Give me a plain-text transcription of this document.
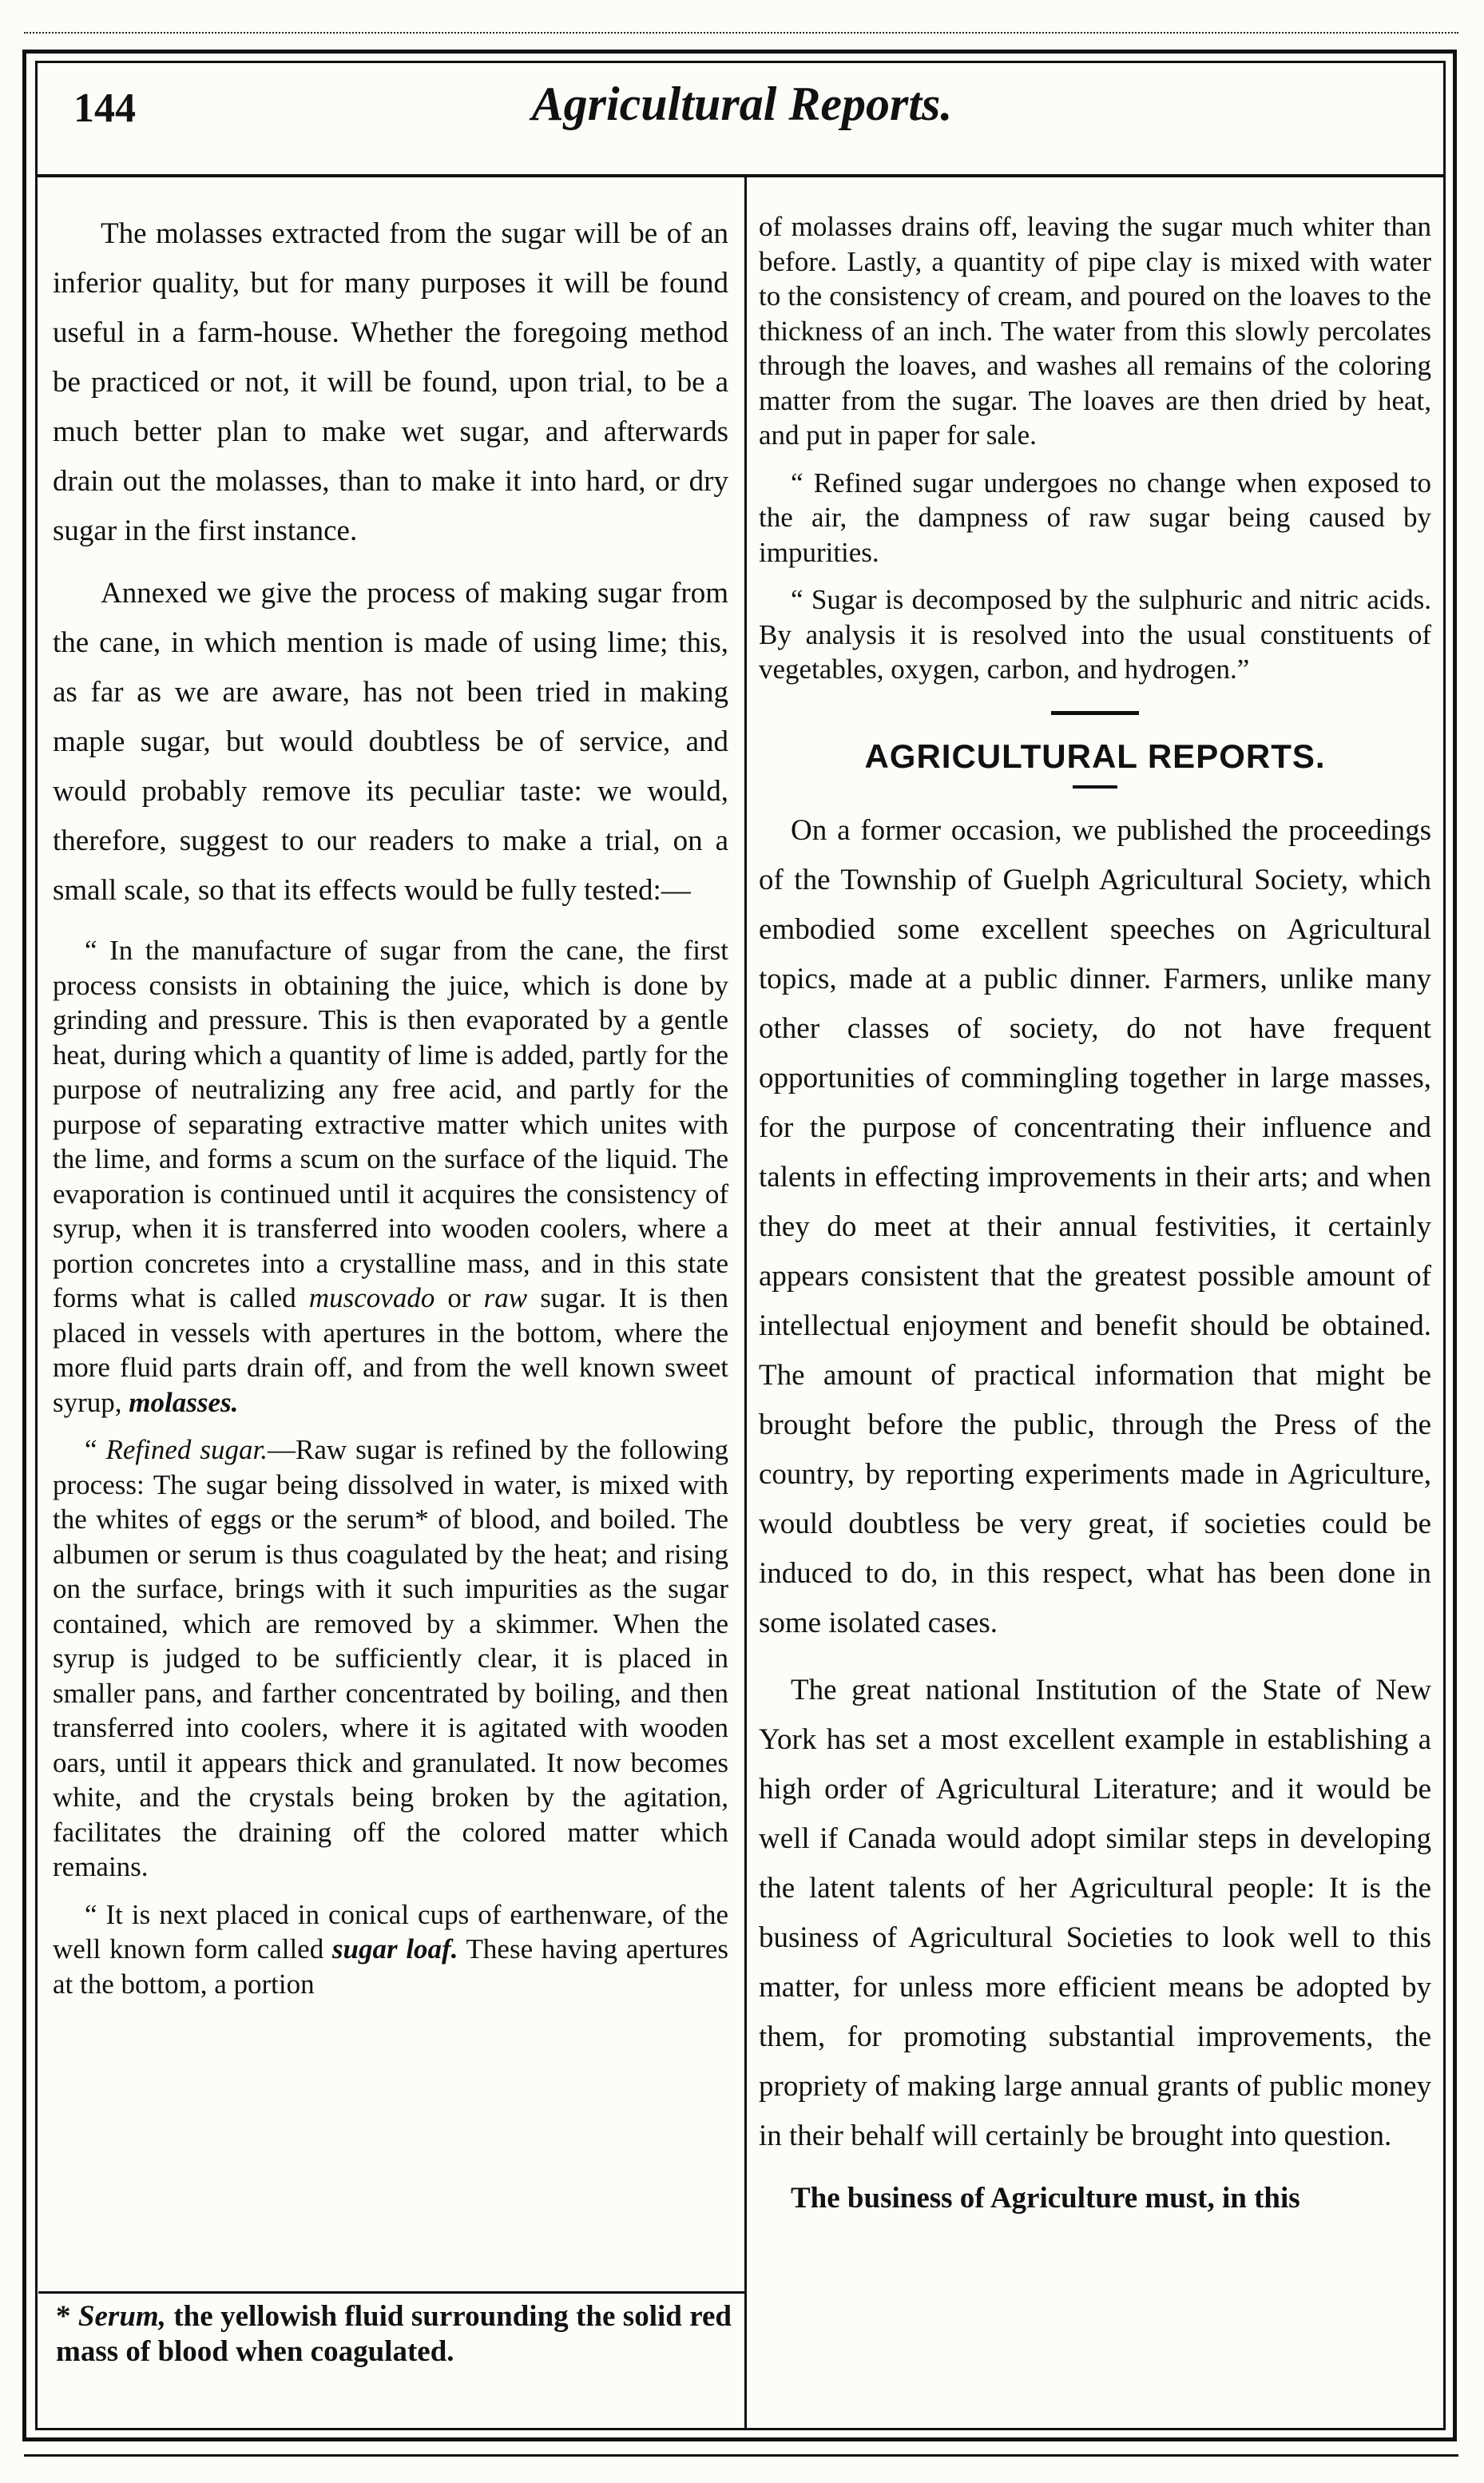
144	Agricultural Reports.

The molasses extracted from the sugar will be of an inferior quality, but for many purposes it will be found useful in a farm-house. Whether the foregoing method be practiced or not, it will be found, upon trial, to be a much better plan to make wet sugar, and afterwards drain out the molasses, than to make it into hard, or dry sugar in the first instance.

Annexed we give the process of making sugar from the cane, in which mention is made of using lime; this, as far as we are aware, has not been tried in making maple sugar, but would doubtless be of service, and would probably remove its peculiar taste: we would, therefore, suggest to our readers to make a trial, on a small scale, so that its effects would be fully tested:—

“ In the manufacture of sugar from the cane, the first process consists in obtaining the juice, which is done by grinding and pressure. This is then evaporated by a gentle heat, during which a quantity of lime is added, partly for the purpose of neutralizing any free acid, and partly for the purpose of separating extractive matter which unites with the lime, and forms a scum on the surface of the liquid. The evaporation is continued until it acquires the consistency of syrup, when it is transferred into wooden coolers, where a portion concretes into a crystalline mass, and in this state forms what is called muscovado or raw sugar. It is then placed in vessels with apertures in the bottom, where the more fluid parts drain off, and from the well known sweet syrup, molasses.

“ Refined sugar.—Raw sugar is refined by the following process: The sugar being dissolved in water, is mixed with the whites of eggs or the serum* of blood, and boiled. The albumen or serum is thus coagulated by the heat; and rising on the surface, brings with it such impurities as the sugar contained, which are removed by a skimmer. When the syrup is judged to be sufficiently clear, it is placed in smaller pans, and farther concentrated by boiling, and then transferred into coolers, where it is agitated with wooden oars, until it appears thick and granulated. It now becomes white, and the crystals being broken by the agitation, facilitates the draining off the colored matter which remains.

“ It is next placed in conical cups of earthenware, of the well known form called sugar loaf. These having apertures at the bottom, a portion

* Serum, the yellowish fluid surrounding the solid red mass of blood when coagulated.

of molasses drains off, leaving the sugar much whiter than before. Lastly, a quantity of pipe clay is mixed with water to the consistency of cream, and poured on the loaves to the thickness of an inch. The water from this slowly percolates through the loaves, and washes all remains of the coloring matter from the sugar. The loaves are then dried by heat, and put in paper for sale.

“ Refined sugar undergoes no change when exposed to the air, the dampness of raw sugar being caused by impurities.

“ Sugar is decomposed by the sulphuric and nitric acids. By analysis it is resolved into the usual constituents of vegetables, oxygen, carbon, and hydrogen.”

AGRICULTURAL REPORTS.

On a former occasion, we published the proceedings of the Township of Guelph Agricultural Society, which embodied some excellent speeches on Agricultural topics, made at a public dinner. Farmers, unlike many other classes of society, do not have frequent opportunities of commingling together in large masses, for the purpose of concentrating their influence and talents in effecting improvements in their arts; and when they do meet at their annual festivities, it certainly appears consistent that the greatest possible amount of intellectual enjoyment and benefit should be obtained. The amount of practical information that might be brought before the public, through the Press of the country, by reporting experiments made in Agriculture, would doubtless be very great, if societies could be induced to do, in this respect, what has been done in some isolated cases.

The great national Institution of the State of New York has set a most excellent example in establishing a high order of Agricultural Literature; and it would be well if Canada would adopt similar steps in developing the latent talents of her Agricultural people: It is the business of Agricultural Societies to look well to this matter, for unless more efficient means be adopted by them, for promoting substantial improvements, the propriety of making large annual grants of public money in their behalf will certainly be brought into question.

The business of Agriculture must, in this
